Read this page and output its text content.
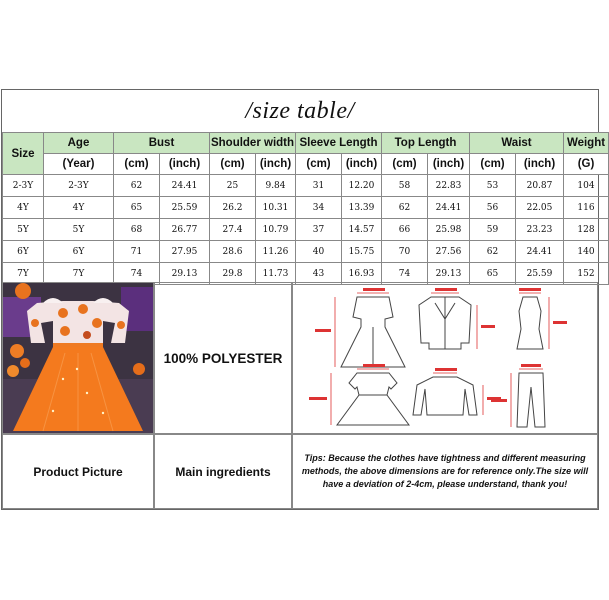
/size table/
Size	Age	Bust		Shoulder width		Sleeve Length		Top Length		Waist		Weight
	(Year)	(cm)	(inch)	(cm)	(inch)	(cm)	(inch)	(cm)	(inch)	(cm)	(inch)	(G)
2-3Y	2-3Y	62	24.41	25	9.84	31	12.20	58	22.83	53	20.87	104
4Y	4Y	65	25.59	26.2	10.31	34	13.39	62	24.41	56	22.05	116
5Y	5Y	68	26.77	27.4	10.79	37	14.57	66	25.98	59	23.23	128
6Y	6Y	71	27.95	28.6	11.26	40	15.75	70	27.56	62	24.41	140
7Y	7Y	74	29.13	29.8	11.73	43	16.93	74	29.13	65	25.59	152
100% POLYESTER
Product Picture	Main ingredients
Tips: Because the clothes have tightness and different measuring methods, the above dimensions are for reference only.The size will have a deviation of 2-4cm, please understand, thank you!
